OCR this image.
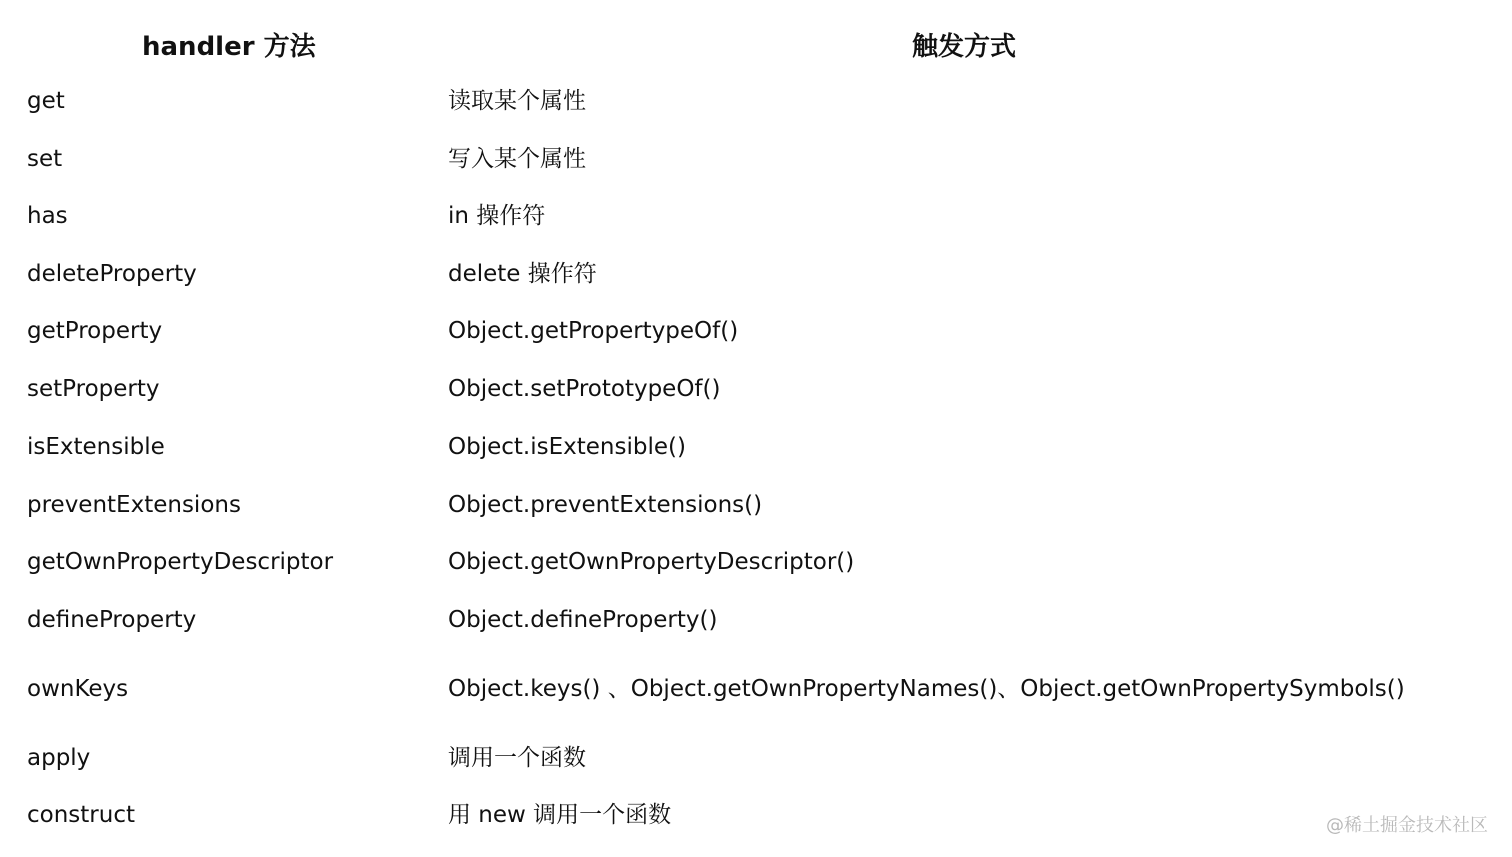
handler 方法	触发方式
get	读取某个属性
set	写入某个属性
has	in 操作符
deleteProperty	delete 操作符
getProperty	Object.getPropertypeOf()
setProperty	Object.setPrototypeOf()
isExtensible	Object.isExtensible()
preventExtensions	Object.preventExtensions()
getOwnPropertyDescriptor	Object.getOwnPropertyDescriptor()
defineProperty	Object.defineProperty()
ownKeys	Object.keys() 、Object.getOwnPropertyNames()、Object.getOwnPropertySymbols()
apply	调用一个函数
construct	用 new 调用一个函数	@稀土掘金技术社区
